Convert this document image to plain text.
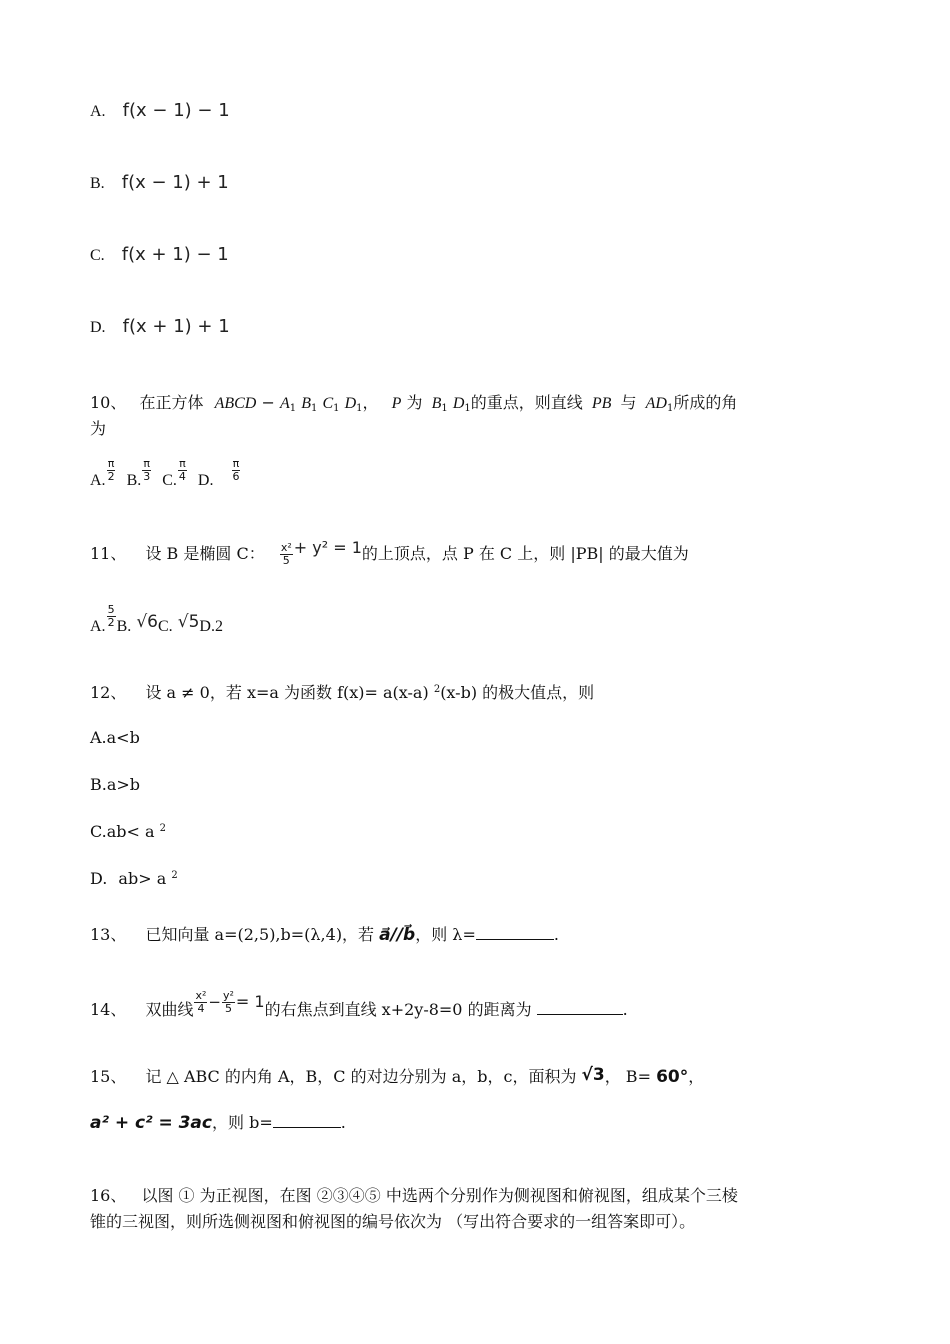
A. f(x − 1) − 1
B. f(x − 1) + 1
C. f(x + 1) − 1
D. f(x + 1) + 1
10、 在正方体 ABCD − $A_1$ $B_1$ $C_1$ $D_1$， P 为 $B_1$ $D_1$的重点，则直线 PB 与 $AD_1$所成的角
为
A. $\frac{\pi}{2} B$. $\frac{\pi}{3} C$. $\frac{\pi}{4} D$. $\frac{\pi}{6}$
11、 设 B 是椭圆 C： $\frac{\text{x²}}{5} + y^2 = 1$的上顶点，点 P 在 C 上，则 |PB| 的最大值为
A. $\frac{5}{2} B$. √6C. √5D.2
12、 设 a ≠ 0，若 x=a 为函数 f(x)= a(x-a) $^2$(x-b) 的极大值点，则
A.a<b
B.a>b
C.ab< a $^2$
D. ab> a $^2$
13、 已知向量 a=(2,5),b=(λ,4)，若 a⃗//b⃗，则 λ=	.
14、 双曲线 $\frac{\text{x²}}{4} - \frac{\text{y²}}{5} = 1$的右焦点到直线 x+2y-8=0 的距离为	.
15、 记 △ ABC 的内角 A，B，C 的对边分别为 a，b，c，面积为 √3， B= 60°，
a² + c² = 3ac，则 b=	.
16、 以图 ① 为正视图，在图 ②③④⑤ 中选两个分别作为侧视图和俯视图，组成某个三棱
锥的三视图，则所选侧视图和俯视图的编号依次为 （写出符合要求的一组答案即可）。
